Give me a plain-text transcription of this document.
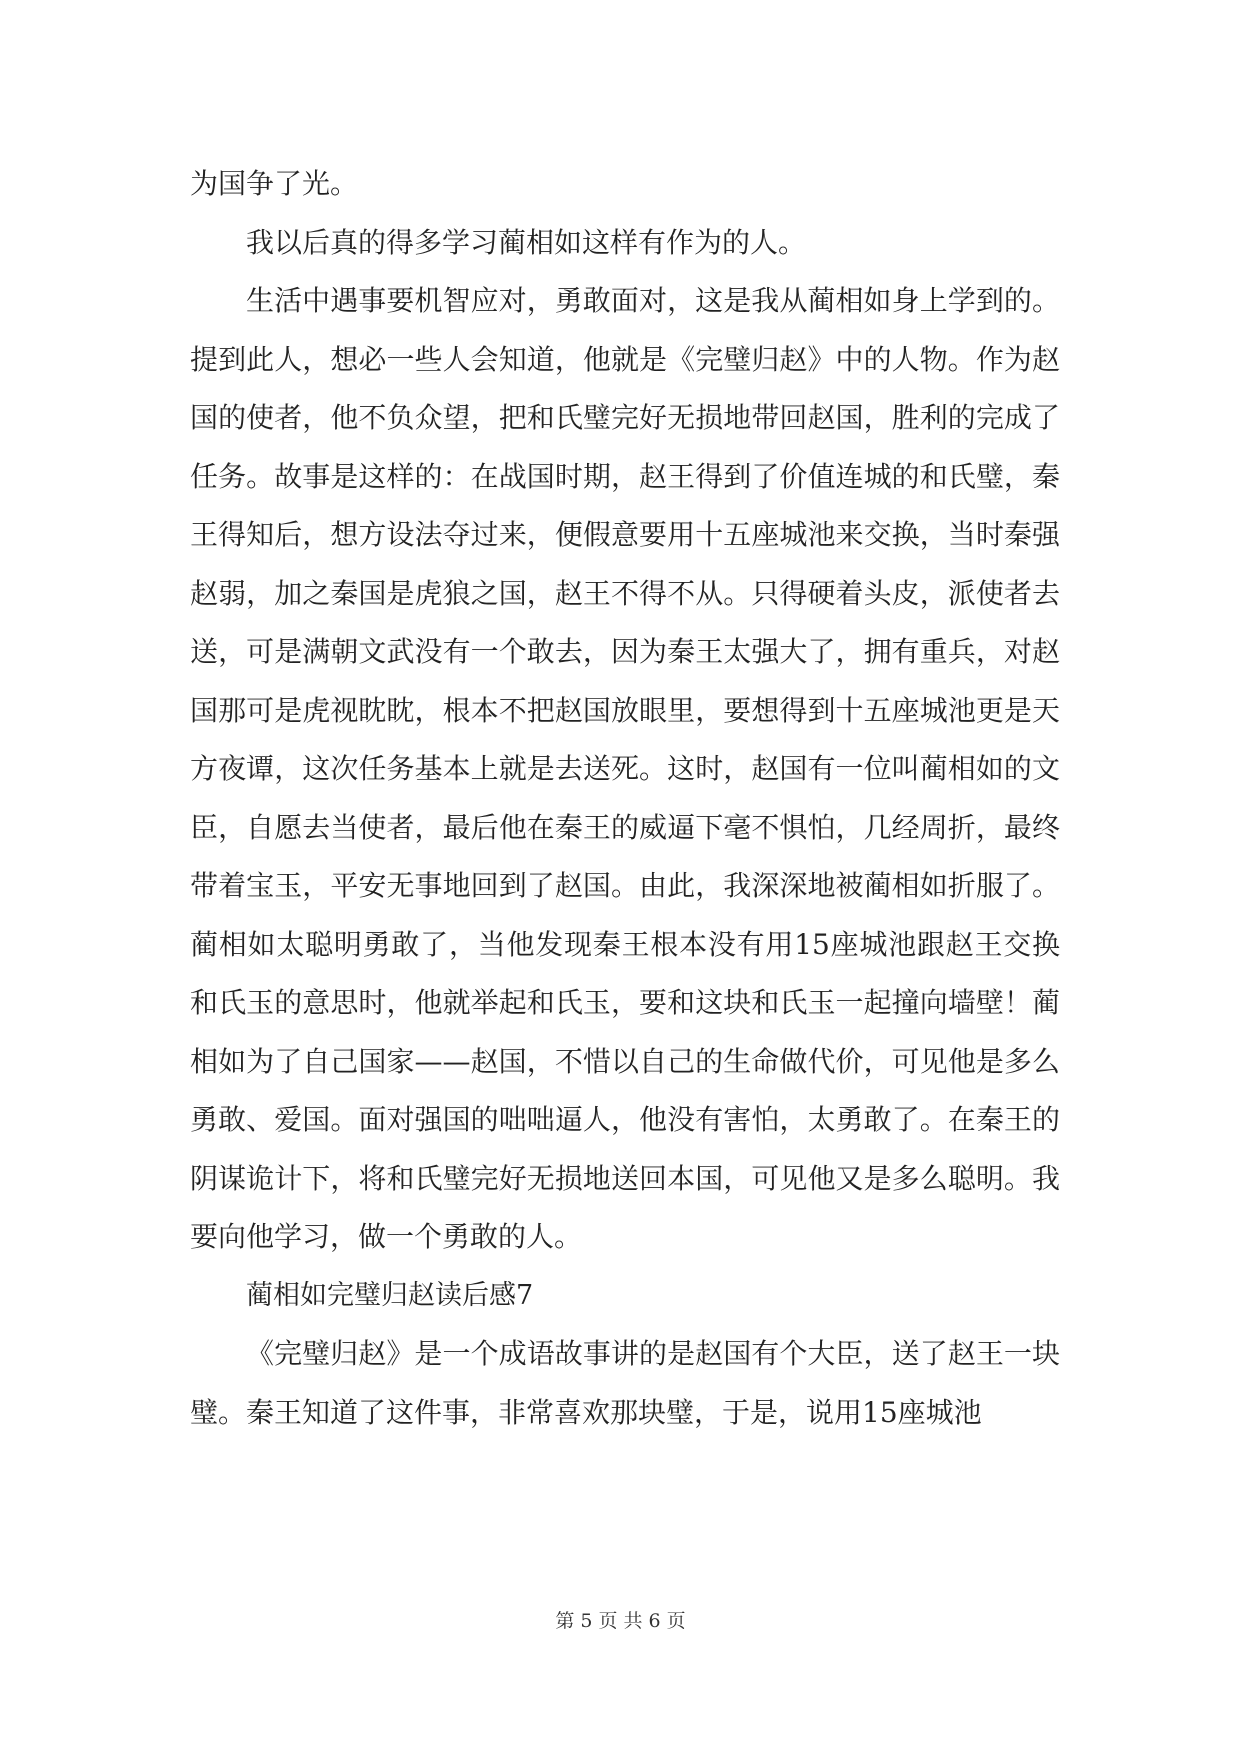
为国争了光。

我以后真的得多学习蔺相如这样有作为的人。

生活中遇事要机智应对，勇敢面对，这是我从蔺相如身上学到的。提到此人，想必一些人会知道，他就是《完璧归赵》中的人物。作为赵国的使者，他不负众望，把和氏璧完好无损地带回赵国，胜利的完成了任务。故事是这样的：在战国时期，赵王得到了价值连城的和氏璧，秦王得知后，想方设法夺过来，便假意要用十五座城池来交换，当时秦强赵弱，加之秦国是虎狼之国，赵王不得不从。只得硬着头皮，派使者去送，可是满朝文武没有一个敢去，因为秦王太强大了，拥有重兵，对赵国那可是虎视眈眈，根本不把赵国放眼里，要想得到十五座城池更是天方夜谭，这次任务基本上就是去送死。这时，赵国有一位叫蔺相如的文臣，自愿去当使者，最后他在秦王的威逼下毫不惧怕，几经周折，最终带着宝玉，平安无事地回到了赵国。由此，我深深地被蔺相如折服了。蔺相如太聪明勇敢了，当他发现秦王根本没有用15座城池跟赵王交换和氏玉的意思时，他就举起和氏玉，要和这块和氏玉一起撞向墙壁！蔺相如为了自己国家——赵国，不惜以自己的生命做代价，可见他是多么勇敢、爱国。面对强国的咄咄逼人，他没有害怕，太勇敢了。在秦王的阴谋诡计下，将和氏璧完好无损地送回本国，可见他又是多么聪明。我要向他学习，做一个勇敢的人。

蔺相如完璧归赵读后感7

《完璧归赵》是一个成语故事讲的是赵国有个大臣，送了赵王一块璧。秦王知道了这件事，非常喜欢那块璧，于是，说用15座城池

第 5 页 共 6 页
